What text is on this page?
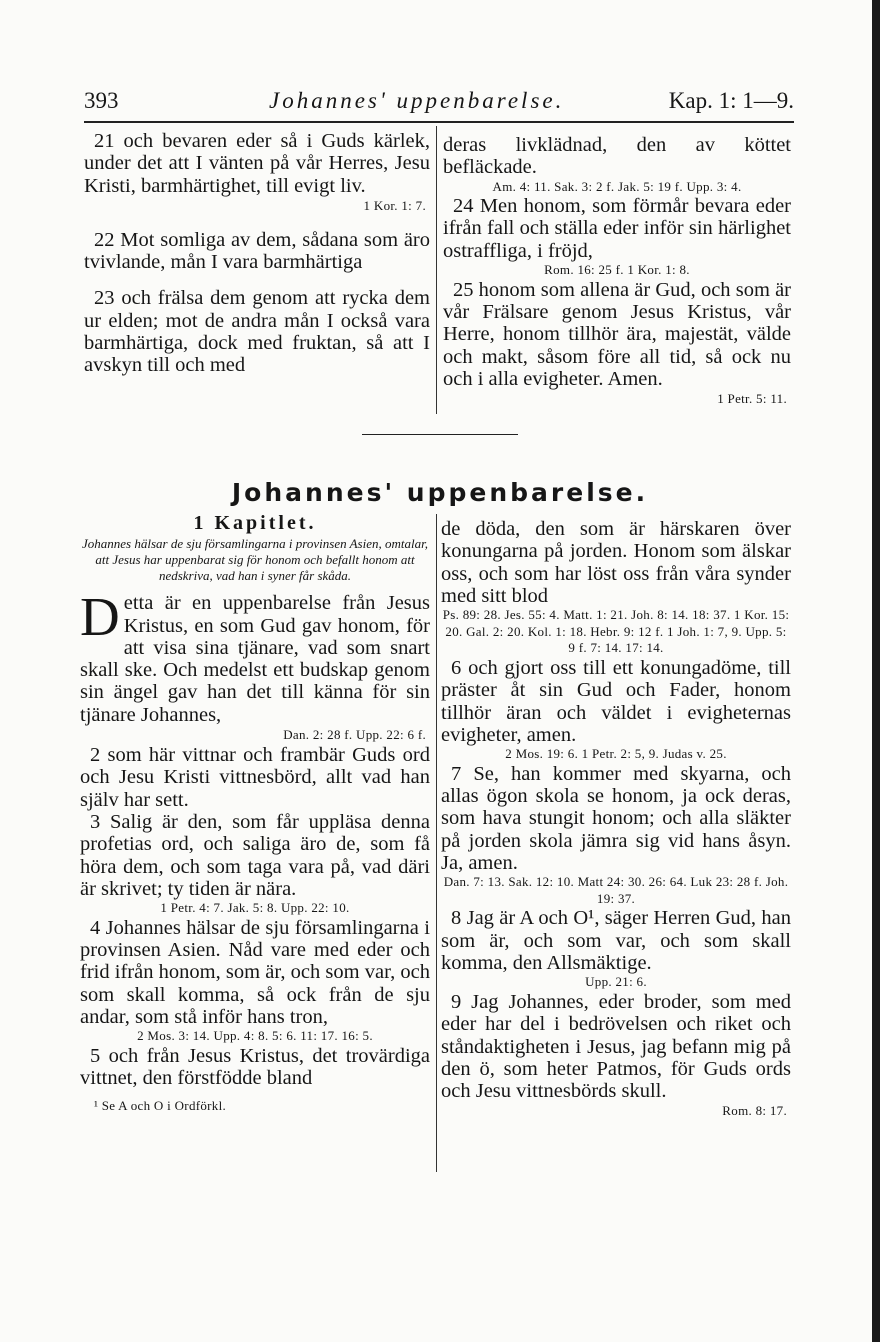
393	Johannes' uppenbarelse.	Kap. 1: 1—9.

21 och bevaren eder så i Guds kärlek, under det att I vänten på vår Herres, Jesu Kristi, barmhärtighet, till evigt liv.

1 Kor. 1: 7.

22 Mot somliga av dem, sådana som äro tvivlande, mån I vara barmhärtiga

23 och frälsa dem genom att rycka dem ur elden; mot de andra mån I också vara barmhärtiga, dock med fruktan, så att I avskyn till och med

deras livklädnad, den av köttet befläckade.

Am. 4: 11. Sak. 3: 2 f. Jak. 5: 19 f. Upp. 3: 4.

24 Men honom, som förmår bevara eder ifrån fall och ställa eder inför sin härlighet ostraffliga, i fröjd,

Rom. 16: 25 f. 1 Kor. 1: 8.

25 honom som allena är Gud, och som är vår Frälsare genom Jesus Kristus, vår Herre, honom tillhör ära, majestät, välde och makt, såsom före all tid, så ock nu och i alla evigheter. Amen.

1 Petr. 5: 11.

Johannes' uppenbarelse.
1 Kapitlet.
Johannes hälsar de sju församlingarna i provinsen Asien, omtalar, att Jesus har uppenbarat sig för honom och befallt honom att nedskriva, vad han i syner får skåda.

Detta är en uppenbarelse från Jesus Kristus, en som Gud gav honom, för att visa sina tjänare, vad som snart skall ske. Och medelst ett budskap genom sin ängel gav han det till känna för sin tjänare Johannes,

Dan. 2: 28 f. Upp. 22: 6 f.

2 som här vittnar och frambär Guds ord och Jesu Kristi vittnesbörd, allt vad han själv har sett.

3 Salig är den, som får uppläsa denna profetias ord, och saliga äro de, som få höra dem, och som taga vara på, vad däri är skrivet; ty tiden är nära.

1 Petr. 4: 7. Jak. 5: 8. Upp. 22: 10.

4 Johannes hälsar de sju församlingarna i provinsen Asien. Nåd vare med eder och frid ifrån honom, som är, och som var, och som skall komma, så ock från de sju andar, som stå inför hans tron,

2 Mos. 3: 14. Upp. 4: 8. 5: 6. 11: 17. 16: 5.

5 och från Jesus Kristus, det trovärdiga vittnet, den förstfödde bland

¹ Se A och O i Ordförkl.

de döda, den som är härskaren över konungarna på jorden. Honom som älskar oss, och som har löst oss från våra synder med sitt blod

Ps. 89: 28. Jes. 55: 4. Matt. 1: 21. Joh. 8: 14. 18: 37. 1 Kor. 15: 20. Gal. 2: 20. Kol. 1: 18. Hebr. 9: 12 f. 1 Joh. 1: 7, 9. Upp. 5: 9 f. 7: 14. 17: 14.

6 och gjort oss till ett konungadöme, till präster åt sin Gud och Fader, honom tillhör äran och väldet i evigheternas evigheter, amen.

2 Mos. 19: 6. 1 Petr. 2: 5, 9. Judas v. 25.

7 Se, han kommer med skyarna, och allas ögon skola se honom, ja ock deras, som hava stungit honom; och alla släkter på jorden skola jämra sig vid hans åsyn. Ja, amen.

Dan. 7: 13. Sak. 12: 10. Matt 24: 30. 26: 64. Luk 23: 28 f. Joh. 19: 37.

8 Jag är A och O¹, säger Herren Gud, han som är, och som var, och som skall komma, den Allsmäktige.

Upp. 21: 6.

9 Jag Johannes, eder broder, som med eder har del i bedrövelsen och riket och ståndaktigheten i Jesus, jag befann mig på den ö, som heter Patmos, för Guds ords och Jesu vittnesbörds skull.

Rom. 8: 17.
